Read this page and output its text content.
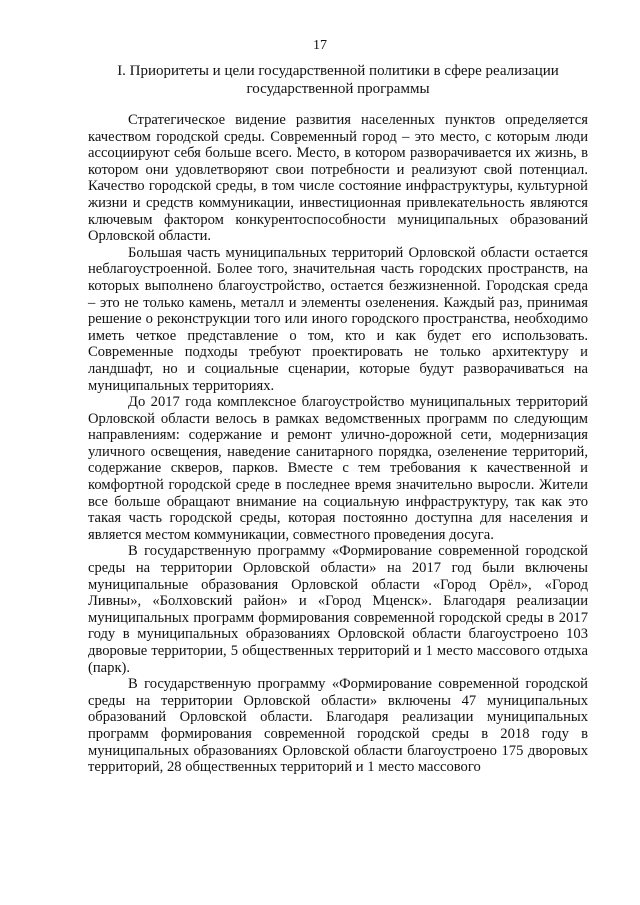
17
I. Приоритеты и цели государственной политики в сфере реализации государственной программы

Стратегическое видение развития населенных пунктов определяется качеством городской среды. Современный город – это место, с которым люди ассоциируют себя больше всего. Место, в котором разворачивается их жизнь, в котором они удовлетворяют свои потребности и реализуют свой потенциал. Качество городской среды, в том числе состояние инфраструктуры, культурной жизни и средств коммуникации, инвестиционная привлекательность являются ключевым фактором конкурентоспособности муниципальных образований Орловской области.

Большая часть муниципальных территорий Орловской области остается неблагоустроенной. Более того, значительная часть городских пространств, на которых выполнено благоустройство, остается безжизненной. Городская среда – это не только камень, металл и элементы озеленения. Каждый раз, принимая решение о реконструкции того или иного городского пространства, необходимо иметь четкое представление о том, кто и как будет его использовать. Современные подходы требуют проектировать не только архитектуру и ландшафт, но и социальные сценарии, которые будут разворачиваться на муниципальных территориях.

До 2017 года комплексное благоустройство муниципальных территорий Орловской области велось в рамках ведомственных программ по следующим направлениям: содержание и ремонт улично-дорожной сети, модернизация уличного освещения, наведение санитарного порядка, озеленение территорий, содержание скверов, парков. Вместе с тем требования к качественной и комфортной городской среде в последнее время значительно выросли. Жители все больше обращают внимание на социальную инфраструктуру, так как это такая часть городской среды, которая постоянно доступна для населения и является местом коммуникации, совместного проведения досуга.

В государственную программу «Формирование современной городской среды на территории Орловской области» на 2017 год были включены муниципальные образования Орловской области «Город Орёл», «Город Ливны», «Болховский район» и «Город Мценск». Благодаря реализации муниципальных программ формирования современной городской среды в 2017 году в муниципальных образованиях Орловской области благоустроено 103 дворовые территории, 5 общественных территорий и 1 место массового отдыха (парк).

В государственную программу «Формирование современной городской среды на территории Орловской области» включены 47 муниципальных образований Орловской области. Благодаря реализации муниципальных программ формирования современной городской среды в 2018 году в муниципальных образованиях Орловской области благоустроено 175 дворовых территорий, 28 общественных территорий и 1 место массового
